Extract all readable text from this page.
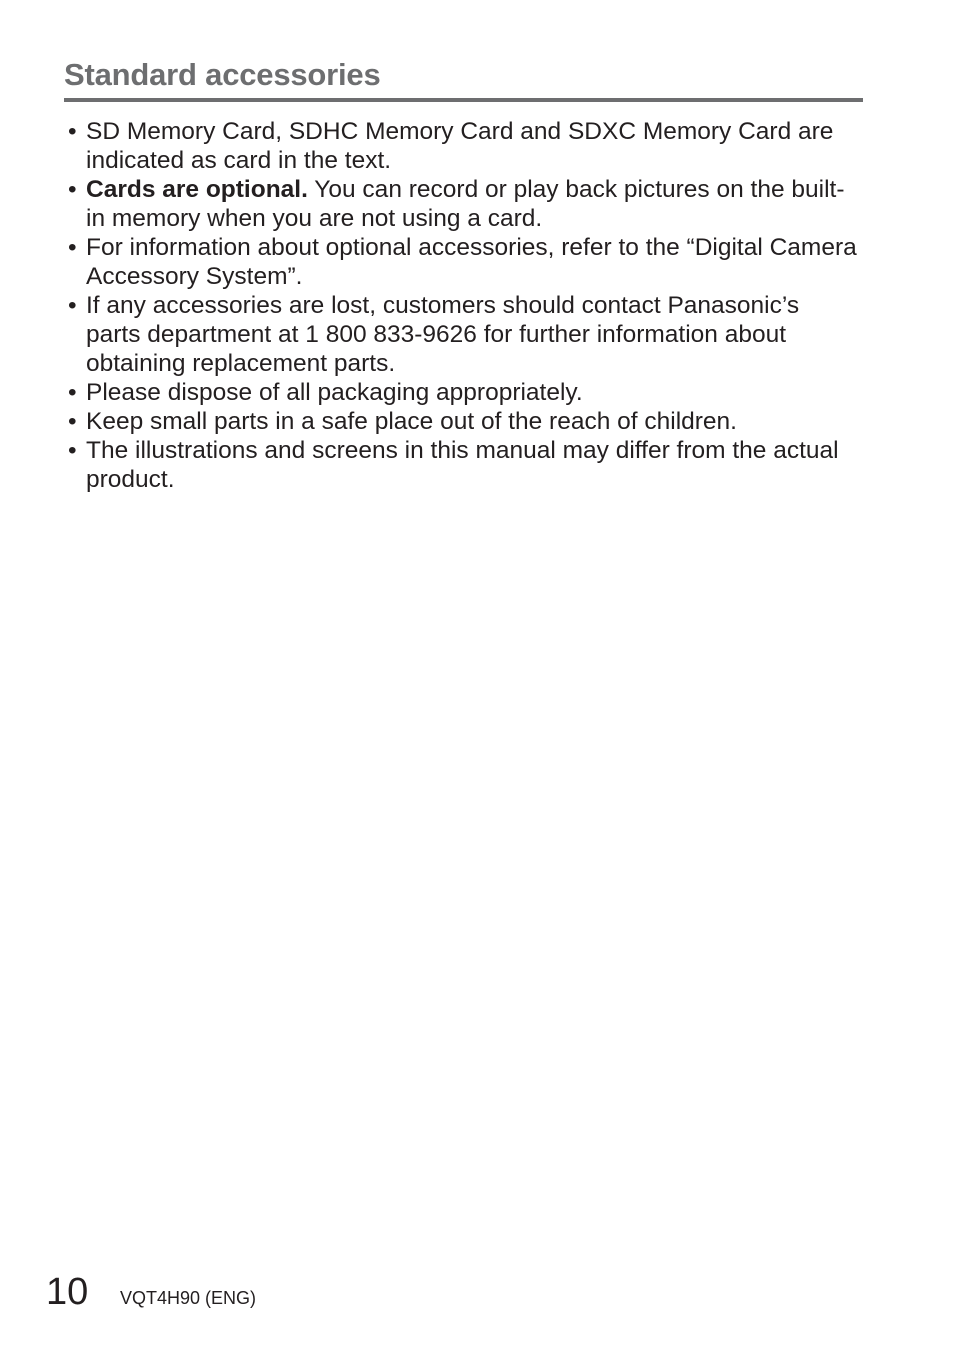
Standard accessories
• SD Memory Card, SDHC Memory Card and SDXC Memory Card are indicated as card in the text.
• Cards are optional. You can record or play back pictures on the built-in memory when you are not using a card.
• For information about optional accessories, refer to the “Digital Camera Accessory System”.
• If any accessories are lost, customers should contact Panasonic’s parts department at 1 800 833-9626 for further information about obtaining replacement parts.
• Please dispose of all packaging appropriately.
• Keep small parts in a safe place out of the reach of children.
• The illustrations and screens in this manual may differ from the actual product.
10 VQT4H90 (ENG)
